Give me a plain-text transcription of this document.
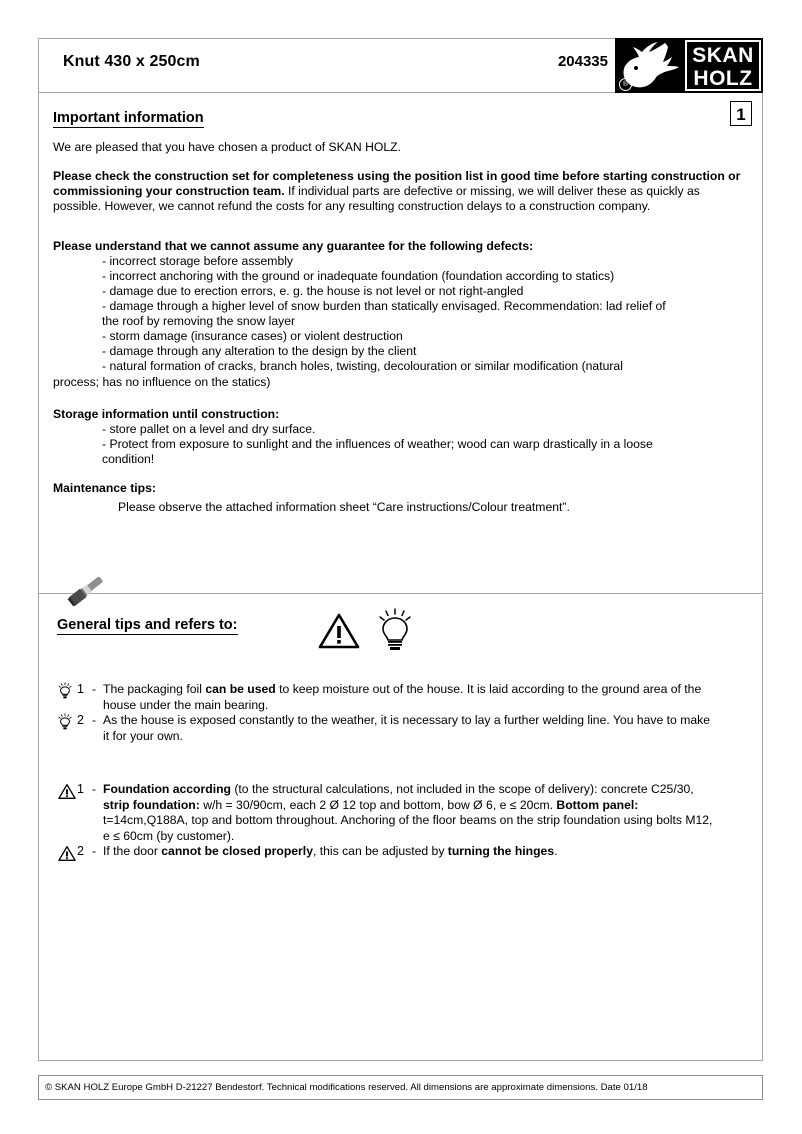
Knut 430 x 250cm	204335
®
SKAN
HOLZ
1
Important information
We are pleased that you have chosen a product of SKAN HOLZ.
Please check the construction set for completeness using the position list in good time before starting construction or commissioning your construction team. If individual parts are defective or missing, we will deliver these as quickly as possible. However, we cannot refund the costs for any resulting construction delays to a construction company.
Please understand that we cannot assume any guarantee for the following defects:
- incorrect storage before assembly
- incorrect anchoring with the ground or inadequate foundation (foundation according to statics)
- damage due to erection errors, e. g. the house is not level or not right-angled
- damage through a higher level of snow burden than statically envisaged. Recommendation: lad relief of
the roof by removing the snow layer
- storm damage (insurance cases) or violent destruction
- damage through any alteration to the design by the client
- natural formation of cracks, branch holes, twisting, decolouration or similar modification (natural
process; has no influence on the statics)
Storage information until construction:
- store pallet on a level and dry surface.
- Protect from exposure to sunlight and the influences of weather; wood can warp drastically in a loose
condition!
Maintenance tips:
Please observe the attached information sheet “Care instructions/Colour treatment”.
General tips and refers to:
1 - The packaging foil can be used to keep moisture out of the house. It is laid according to the ground area of the
house under the main bearing.
2 - As the house is exposed constantly to the weather, it is necessary to lay a further welding line. You have to make
it for your own.
1 - Foundation according (to the structural calculations, not included in the scope of delivery): concrete C25/30,
strip foundation: w/h = 30/90cm, each 2 Ø 12 top and bottom, bow Ø 6, e ≤ 20cm. Bottom panel:
t=14cm,Q188A, top and bottom throughout. Anchoring of the floor beams on the strip foundation using bolts M12,
e ≤ 60cm (by customer).
2 - If the door cannot be closed properly, this can be adjusted by turning the hinges.
© SKAN HOLZ Europe GmbH D-21227 Bendestorf. Technical modifications reserved. All dimensions are approximate dimensions. Date 01/18
